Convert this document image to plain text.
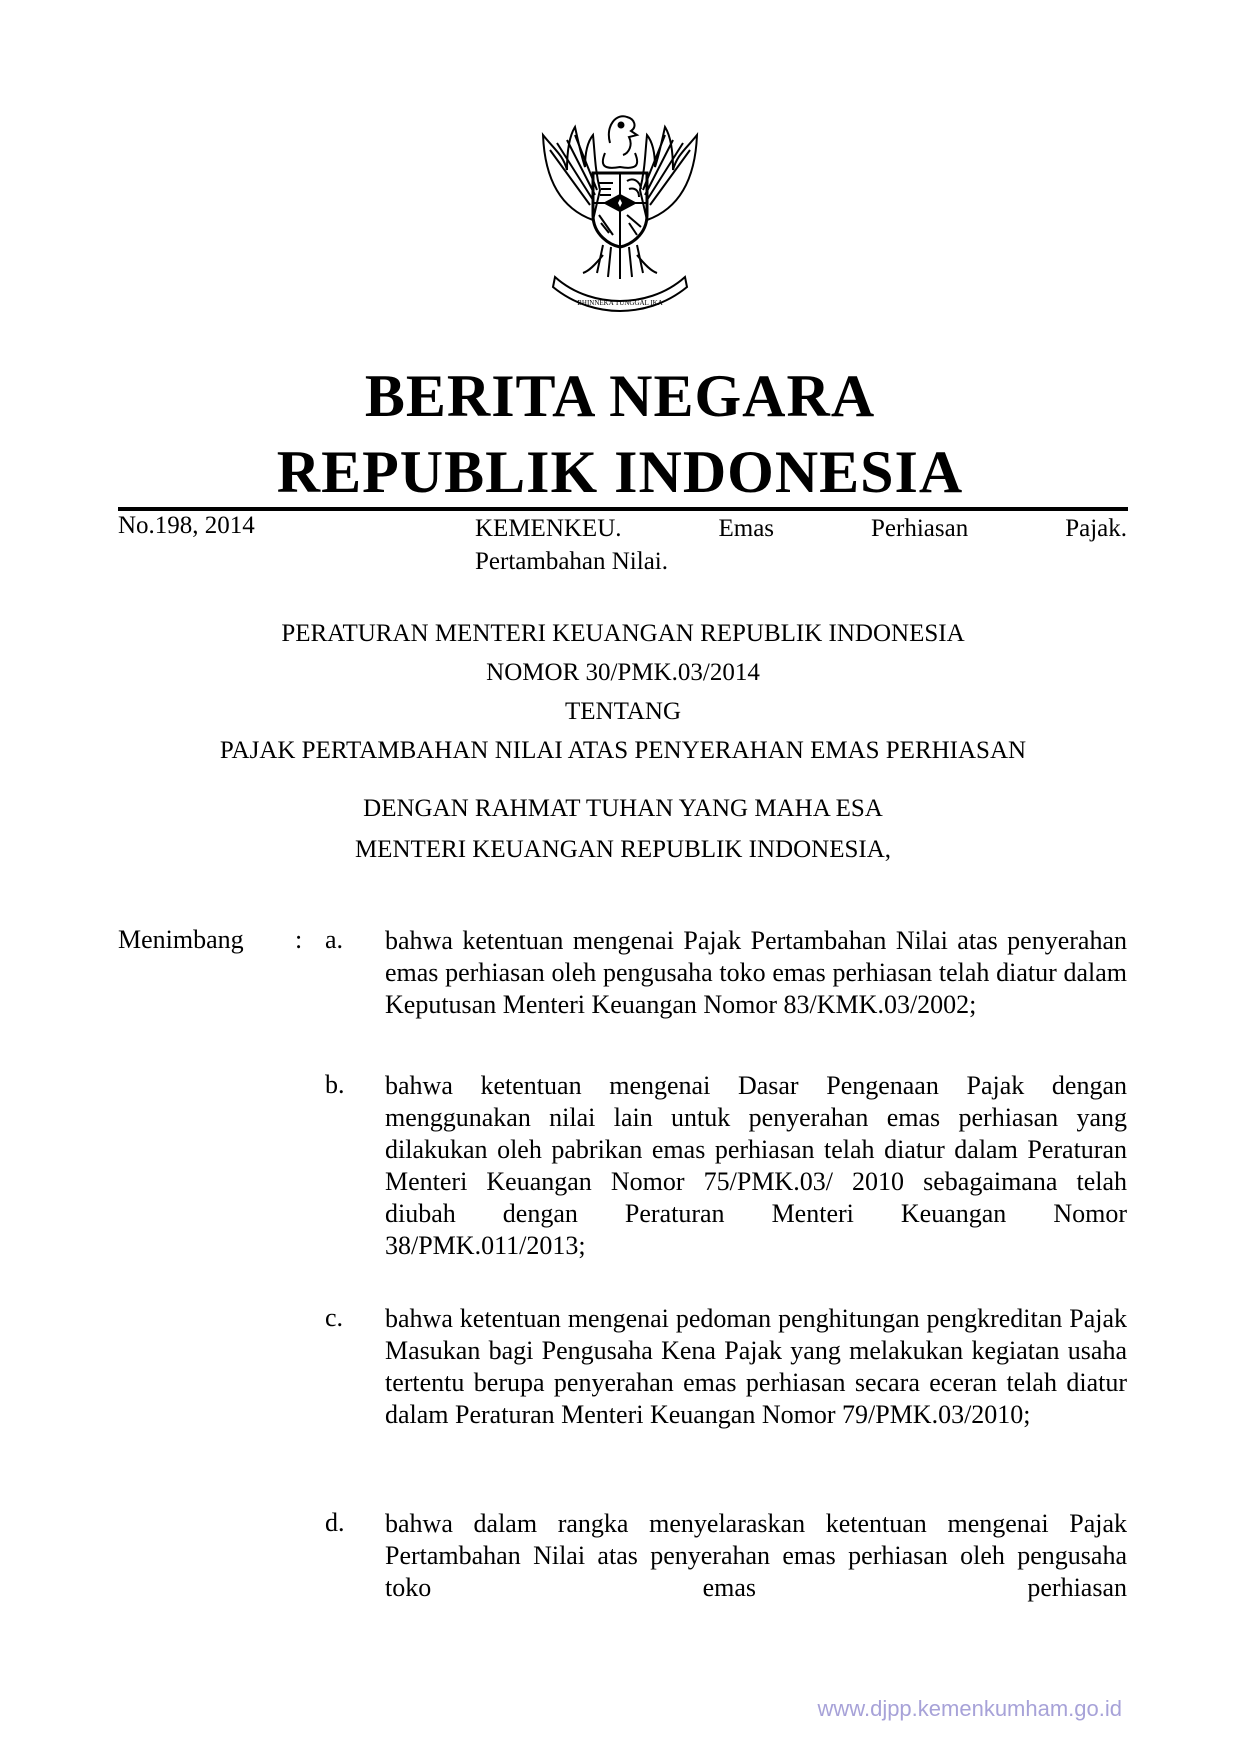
BHINNEKA TUNGGAL IKA
BERITA NEGARA
REPUBLIK INDONESIA
No.198, 2014	KEMENKEU. Emas Perhiasan Pajak.
Pertambahan Nilai.
PERATURAN MENTERI KEUANGAN REPUBLIK INDONESIA
NOMOR 30/PMK.03/2014
TENTANG
PAJAK PERTAMBAHAN NILAI ATAS PENYERAHAN EMAS PERHIASAN
DENGAN RAHMAT TUHAN YANG MAHA ESA
MENTERI KEUANGAN REPUBLIK INDONESIA,
Menimbang : a. bahwa ketentuan mengenai Pajak Pertambahan Nilai atas penyerahan emas perhiasan oleh pengusaha toko emas perhiasan telah diatur dalam Keputusan Menteri Keuangan Nomor 83/KMK.03/2002;
b. bahwa ketentuan mengenai Dasar Pengenaan Pajak dengan menggunakan nilai lain untuk penyerahan emas perhiasan yang dilakukan oleh pabrikan emas perhiasan telah diatur dalam Peraturan Menteri Keuangan Nomor 75/PMK.03/ 2010 sebagaimana telah diubah dengan Peraturan Menteri Keuangan Nomor 38/PMK.011/2013;
c. bahwa ketentuan mengenai pedoman penghitungan pengkreditan Pajak Masukan bagi Pengusaha Kena Pajak yang melakukan kegiatan usaha tertentu berupa penyerahan emas perhiasan secara eceran telah diatur dalam Peraturan Menteri Keuangan Nomor 79/PMK.03/2010;
d. bahwa dalam rangka menyelaraskan ketentuan mengenai Pajak Pertambahan Nilai atas penyerahan emas perhiasan oleh pengusaha toko emas perhiasan
www.djpp.kemenkumham.go.id
